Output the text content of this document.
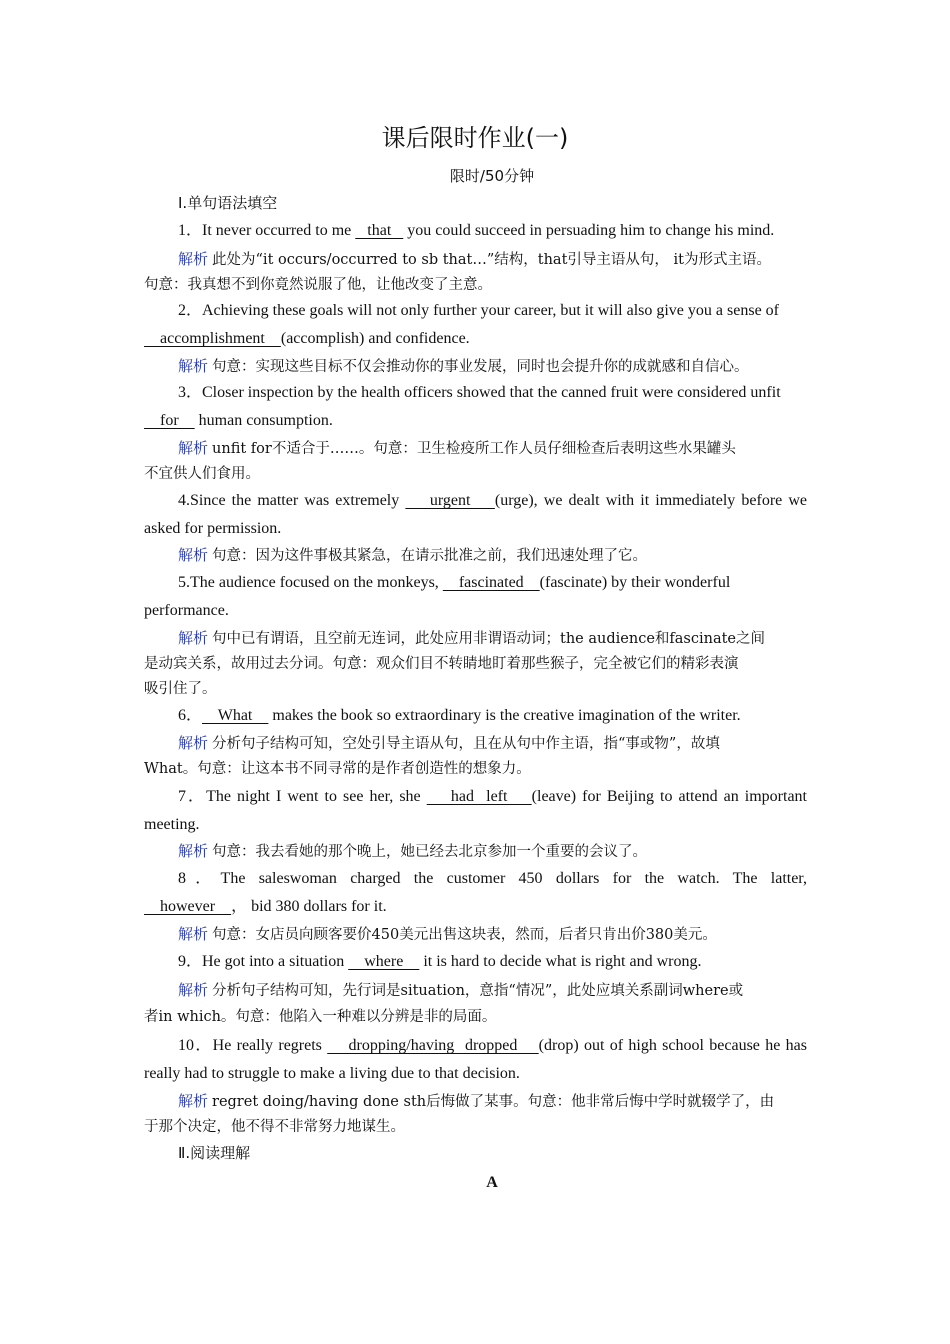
课后限时作业(一)
限时/50分钟
Ⅰ.单句语法填空
1．It never occurred to me    that    you could succeed in persuading him to change his mind.
解析 此处为“it occurs/occurred to sb that…”结构，that引导主语从句， it为形式主语。
句意：我真想不到你竟然说服了他，让他改变了主意。
2．Achieving these goals will not only further your career, but it will also give you a sense of
accomplishment    (accomplish) and confidence.
解析 句意：实现这些目标不仅会推动你的事业发展，同时也会提升你的成就感和自信心。
3．Closer inspection by the health officers showed that the canned fruit were considered unfit
for     human consumption.
解析 unfit for不适合于……。句意：卫生检疫所工作人员仔细检查后表明这些水果罐头
不宜供人们食用。
4.Since the matter was extremely     urgent    (urge), we dealt with it immediately before we
asked for permission.
解析 句意：因为这件事极其紧急，在请示批准之前，我们迅速处理了它。
5.The audience focused on the monkeys,     fascinated    (fascinate) by their wonderful
performance.
解析 句中已有谓语，且空前无连词，此处应用非谓语动词；the audience和fascinate之间
是动宾关系，故用过去分词。句意：观众们目不转睛地盯着那些猴子，完全被它们的精彩表演
吸引住了。
6．    What     makes the book so extraordinary is the creative imagination of the writer.
解析 分析句子结构可知，空处引导主语从句，且在从句中作主语，指“事或物”，故填
What。句意：让这本书不同寻常的是作者创造性的想象力。
7．The night I went to see her, she     had  left    (leave) for Beijing to attend an important
meeting.
解析 句意：我去看她的那个晚上，她已经去北京参加一个重要的会议了。
8．The saleswoman charged the customer 450 dollars for the watch. The latter,
however    ， bid 380 dollars for it.
解析 句意：女店员向顾客要价450美元出售这块表，然而，后者只肯出价380美元。
9．He got into a situation     where     it is hard to decide what is right and wrong.
解析 分析句子结构可知，先行词是situation，意指“情况”，此处应填关系副词where或
者in which。句意：他陷入一种难以分辨是非的局面。
10．He really regrets     dropping/having  dropped    (drop) out of high school because he has
really had to struggle to make a living due to that decision.
解析 regret doing/having done sth后悔做了某事。句意：他非常后悔中学时就辍学了，由
于那个决定，他不得不非常努力地谋生。
Ⅱ.阅读理解
A
